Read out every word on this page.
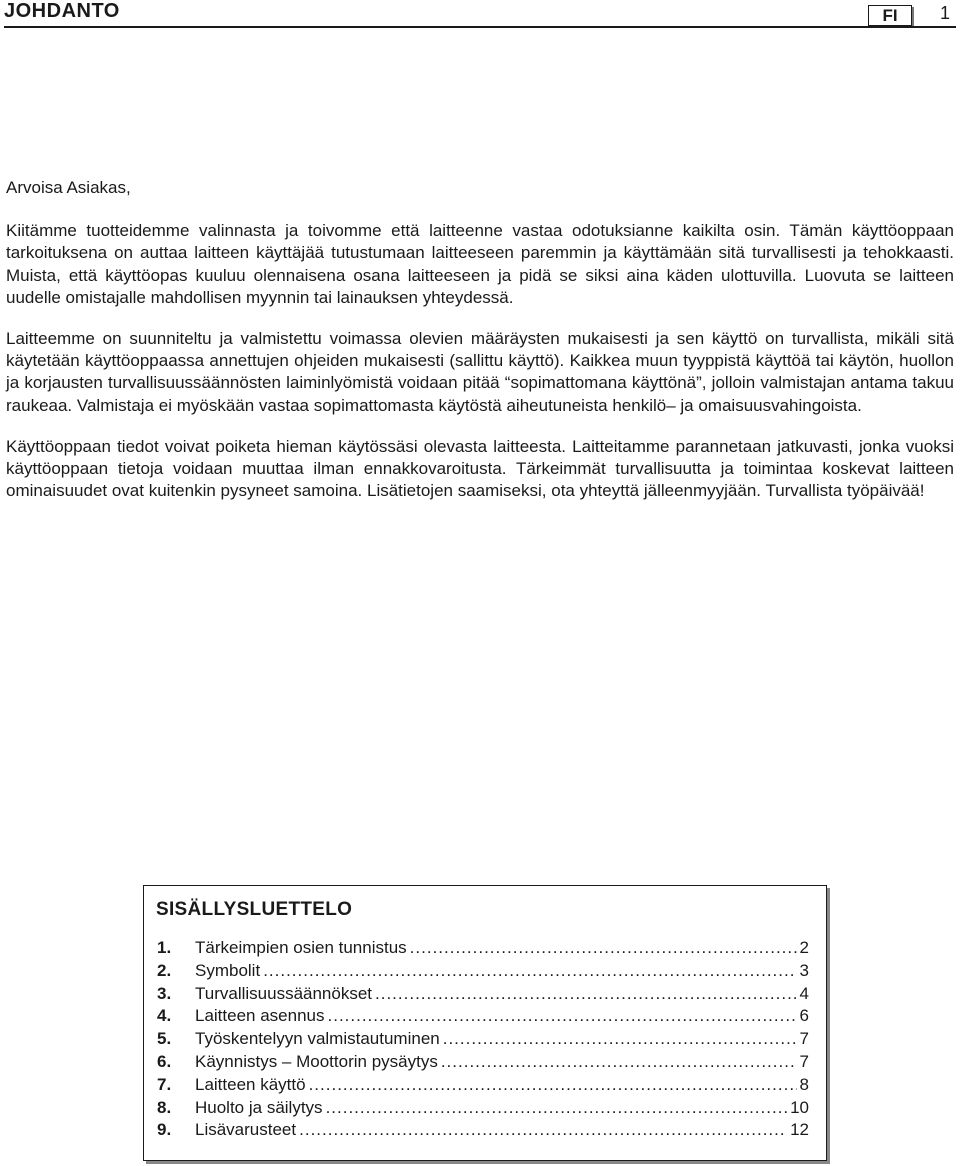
JOHDANTO	FI	1

Arvoisa Asiakas,

Kiitämme tuotteidemme valinnasta ja toivomme että laitteenne vastaa odotuksianne kaikilta osin. Tämän käyttöoppaan tarkoituksena on auttaa laitteen käyttäjää tutustumaan laitteeseen paremmin ja käyttämään sitä turvallisesti ja tehokkaasti. Muista, että käyttöopas kuuluu olennaisena osana laitteeseen ja pidä se siksi aina käden ulottuvilla. Luovuta se laitteen uudelle omistajalle mahdollisen myynnin tai lainauksen yhteydessä.

Laitteemme on suunniteltu ja valmistettu voimassa olevien määräysten mukaisesti ja sen käyttö on turvallista, mikäli sitä käytetään käyttöoppaassa annettujen ohjeiden mukaisesti (sallittu käyttö). Kaikkea muun tyyppistä käyttöä tai käytön, huollon ja korjausten turvallisuussäännösten laiminlyömistä voidaan pitää “sopimattomana käyttönä”, jolloin valmistajan antama takuu raukeaa. Valmistaja ei myöskään vastaa sopimattomasta käytöstä aiheutuneista henkilö– ja omaisuusvahingoista.

Käyttöoppaan tiedot voivat poiketa hieman käytössäsi olevasta laitteesta. Laitteitamme parannetaan jatkuvasti, jonka vuoksi käyttöoppaan tietoja voidaan muuttaa ilman ennakkovaroitusta. Tärkeimmät turvallisuutta ja toimintaa koskevat laitteen ominaisuudet ovat kuitenkin pysyneet samoina. Lisätietojen saamiseksi, ota yhteyttä jälleenmyyjään. Turvallista työpäivää!

SISÄLLYSLUETTELO
1.	Tärkeimpien osien tunnistus .....	2
2.	Symbolit .....	3
3.	Turvallisuussäännökset .....	4
4.	Laitteen asennus .....	6
5.	Työskentelyyn valmistautuminen .....	7
6.	Käynnistys – Moottorin pysäytys .....	7
7.	Laitteen käyttö .....	8
8.	Huolto ja säilytys .....	10
9.	Lisävarusteet .....	12
